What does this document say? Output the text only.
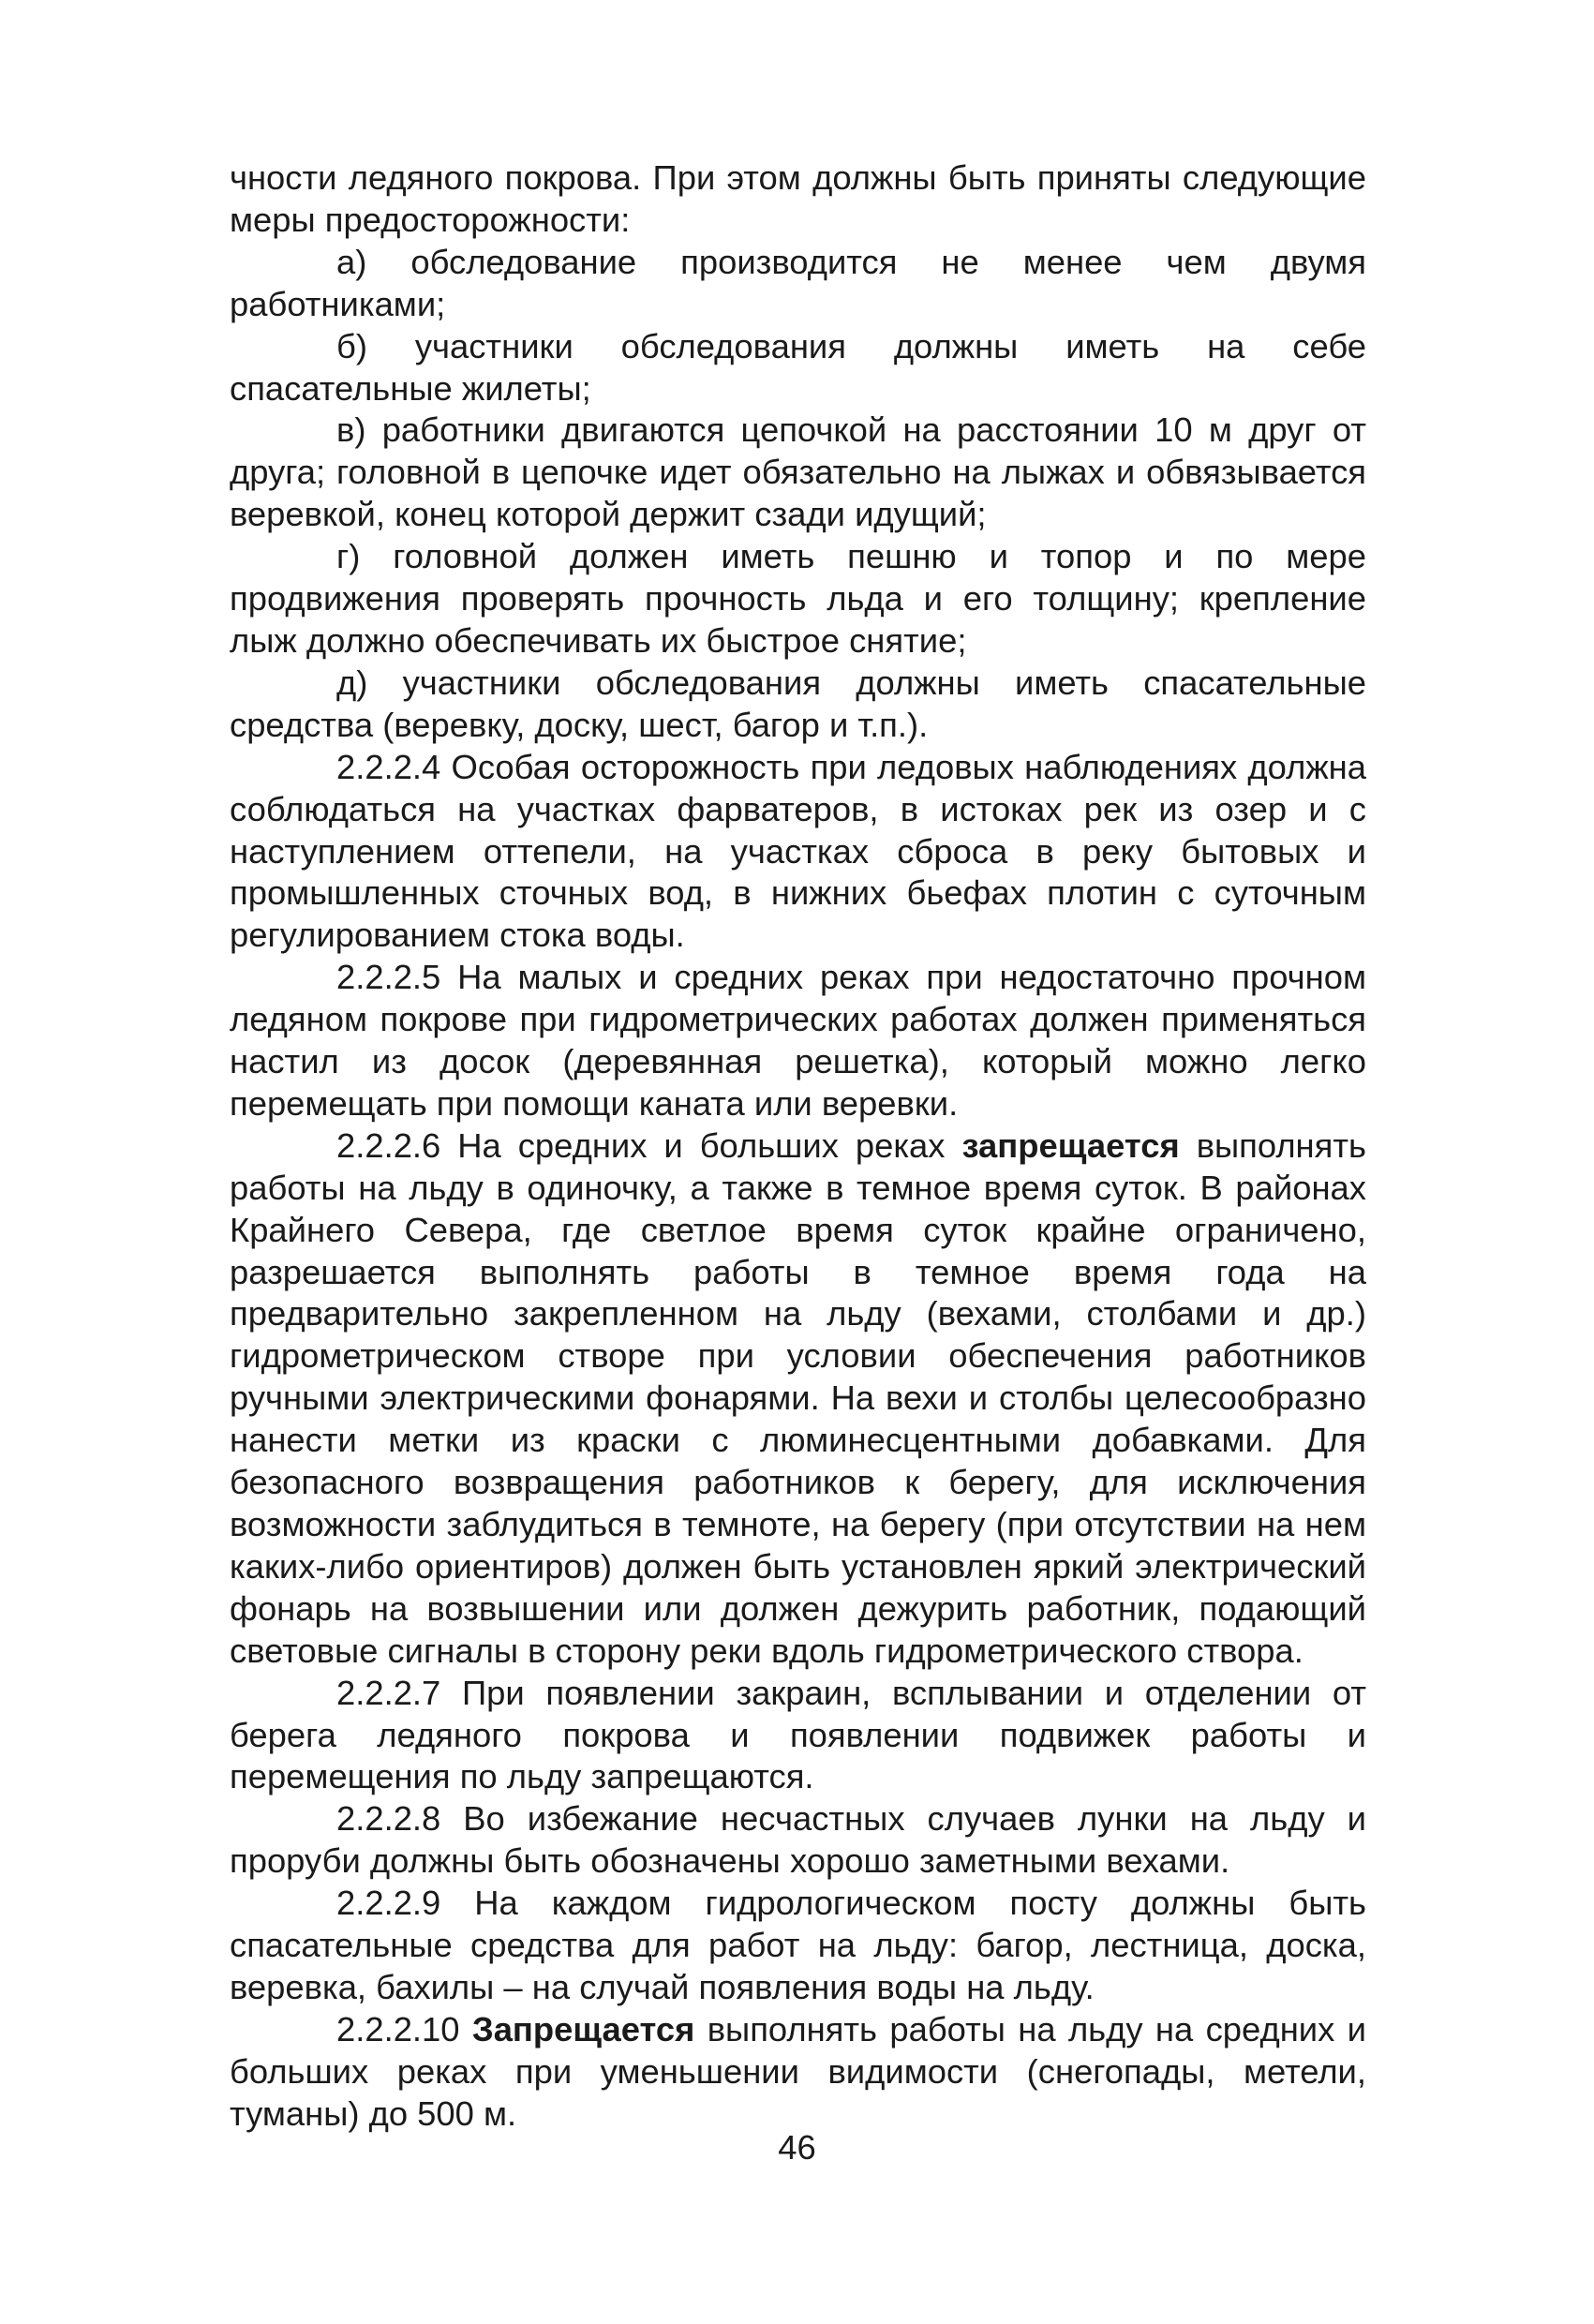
чности ледяного покрова. При этом должны быть приняты следующие меры предосторожности:

а) обследование производится не менее чем двумя работниками;

б) участники обследования должны иметь на себе спасательные жилеты;

в) работники двигаются цепочкой на расстоянии 10 м друг от друга; головной в цепочке идет обязательно на лыжах и обвязывается веревкой, конец которой держит сзади идущий;

г) головной должен иметь пешню и топор и по мере продвижения проверять прочность льда и его толщину; крепление лыж должно обеспечивать их быстрое снятие;

д) участники обследования должны иметь спасательные средства (веревку, доску, шест, багор и т.п.).

2.2.2.4 Особая осторожность при ледовых наблюдениях должна соблюдаться на участках фарватеров, в истоках рек из озер и с наступлением оттепели, на участках сброса в реку бытовых и промышленных сточных вод, в нижних бьефах плотин с суточным регулированием стока воды.

2.2.2.5 На малых и средних реках при недостаточно прочном ледяном покрове при гидрометрических работах должен применяться настил из досок (деревянная решетка), который можно легко перемещать при помощи каната или веревки.

2.2.2.6 На средних и больших реках запрещается выполнять работы на льду в одиночку, а также в темное время суток. В районах Крайнего Севера, где светлое время суток крайне ограничено, разрешается выполнять работы в темное время года на предварительно закрепленном на льду (вехами, столбами и др.) гидрометрическом створе при условии обеспечения работников ручными электрическими фонарями. На вехи и столбы целесообразно нанести метки из краски с люминесцентными добавками. Для безопасного возвращения работников к берегу, для исключения возможности заблудиться в темноте, на берегу (при отсутствии на нем каких-либо ориентиров) должен быть установлен яркий электрический фонарь на возвышении или должен дежурить работник, подающий световые сигналы в сторону реки вдоль гидрометрического створа.

2.2.2.7 При появлении закраин, всплывании и отделении от берега ледяного покрова и появлении подвижек работы и перемещения по льду запрещаются.

2.2.2.8 Во избежание несчастных случаев лунки на льду и проруби должны быть обозначены хорошо заметными вехами.

2.2.2.9 На каждом гидрологическом посту должны быть спасательные средства для работ на льду: багор, лестница, доска, веревка, бахилы – на случай появления воды на льду.

2.2.2.10 Запрещается выполнять работы на льду на средних и больших реках при уменьшении видимости (снегопады, метели, туманы) до 500 м.

46
